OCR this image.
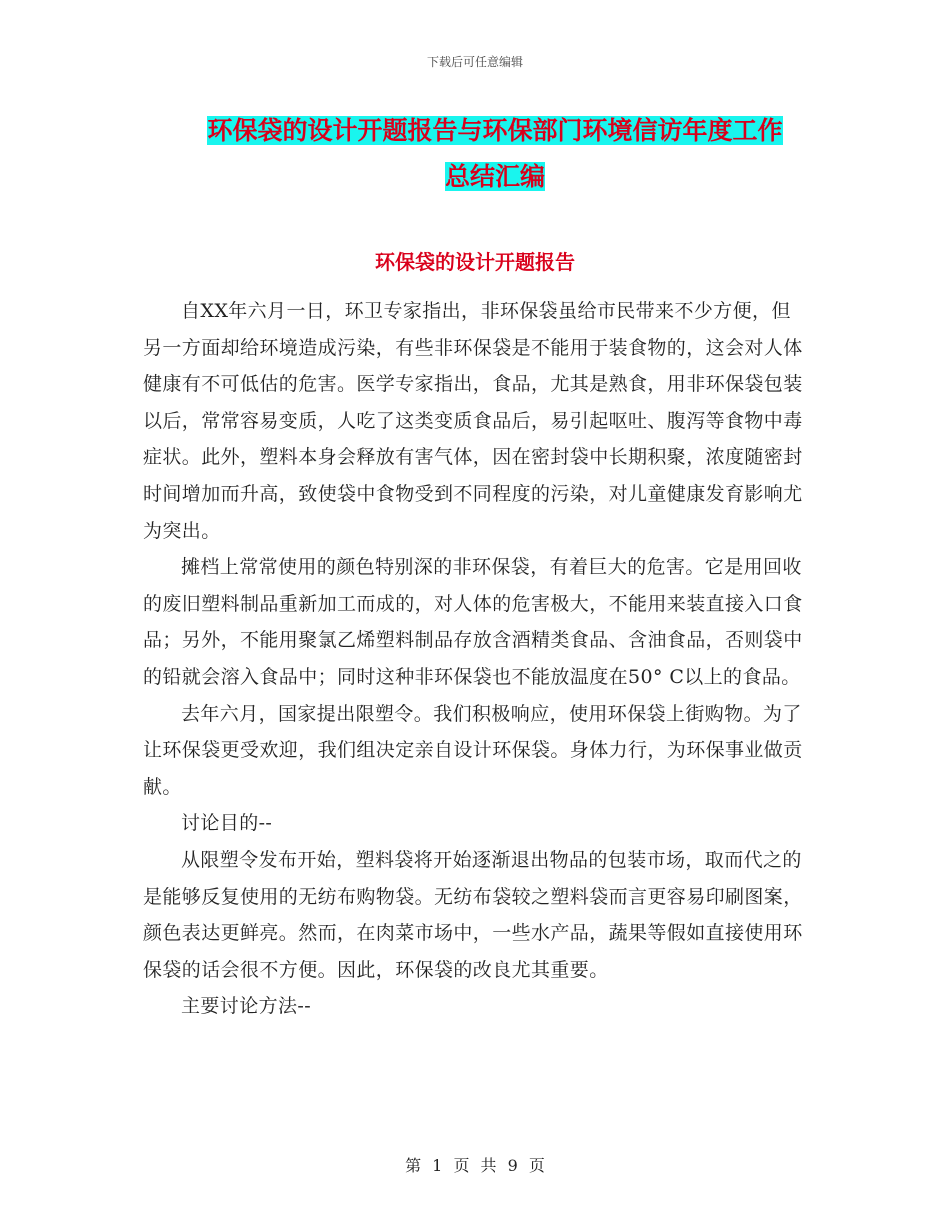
下载后可任意编辑
环保袋的设计开题报告与环保部门环境信访年度工作
总结汇编
环保袋的设计开题报告

自XX年六月一日，环卫专家指出，非环保袋虽给市民带来不少方便，但另一方面却给环境造成污染，有些非环保袋是不能用于装食物的，这会对人体健康有不可低估的危害。医学专家指出，食品，尤其是熟食，用非环保袋包装以后，常常容易变质，人吃了这类变质食品后，易引起呕吐、腹泻等食物中毒症状。此外，塑料本身会释放有害气体，因在密封袋中长期积聚，浓度随密封时间增加而升高，致使袋中食物受到不同程度的污染，对儿童健康发育影响尤为突出。

摊档上常常使用的颜色特别深的非环保袋，有着巨大的危害。它是用回收的废旧塑料制品重新加工而成的，对人体的危害极大，不能用来装直接入口食品；另外，不能用聚氯乙烯塑料制品存放含酒精类食品、含油食品，否则袋中的铅就会溶入食品中；同时这种非环保袋也不能放温度在50° C以上的食品。

去年六月，国家提出限塑令。我们积极响应，使用环保袋上街购物。为了让环保袋更受欢迎，我们组决定亲自设计环保袋。身体力行，为环保事业做贡献。

讨论目的--

从限塑令发布开始，塑料袋将开始逐渐退出物品的包装市场，取而代之的是能够反复使用的无纺布购物袋。无纺布袋较之塑料袋而言更容易印刷图案，颜色表达更鲜亮。然而，在肉菜市场中，一些水产品，蔬果等假如直接使用环保袋的话会很不方便。因此，环保袋的改良尤其重要。

主要讨论方法--

第 1 页 共 9 页
